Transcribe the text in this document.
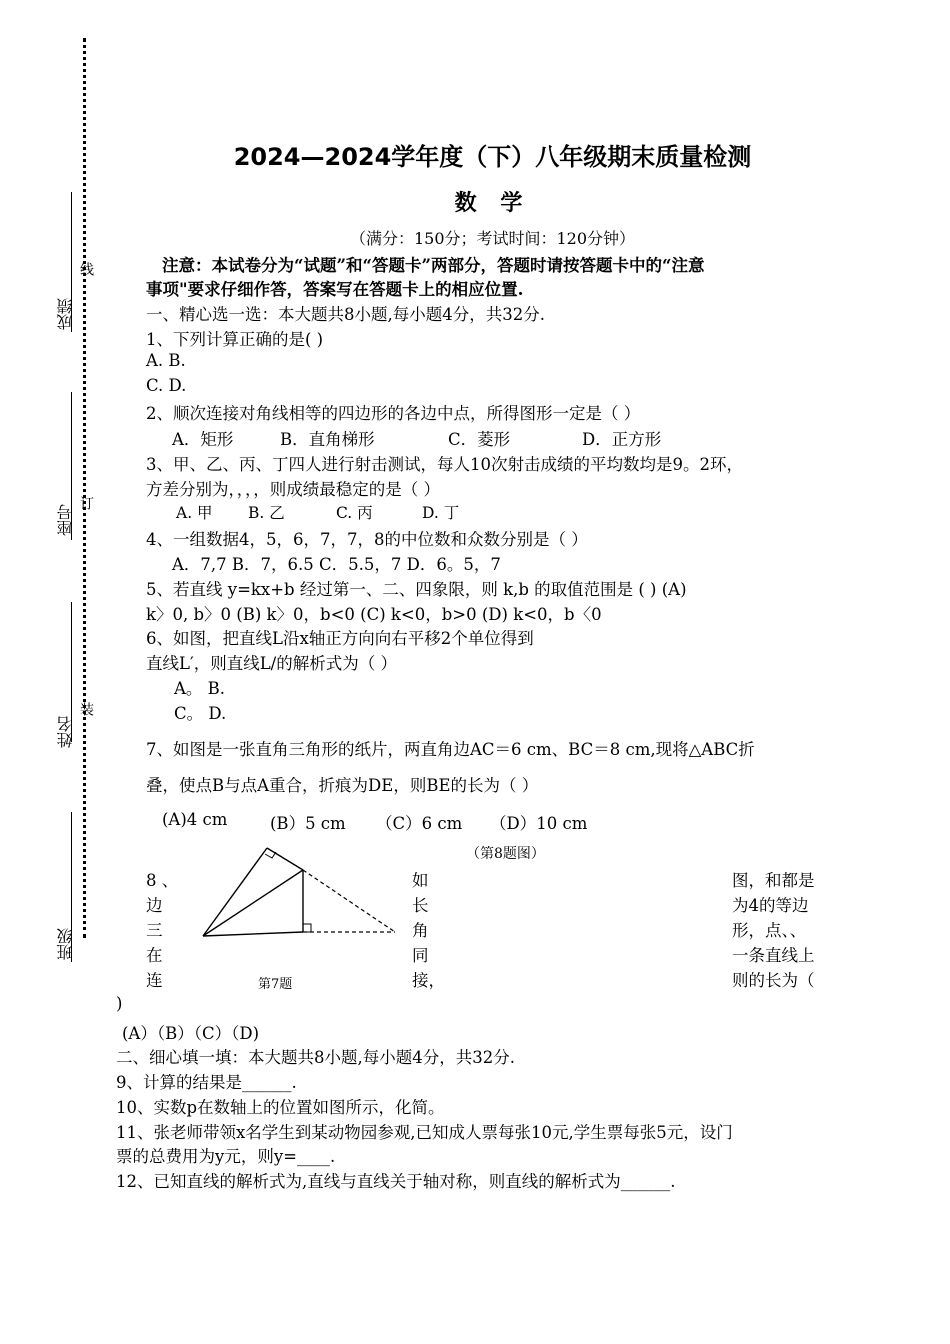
成绩
座号
姓名
班级
线
订
装
2024—2024学年度（下）八年级期末质量检测
数 学
（满分：150分；考试时间：120分钟）
注意：本试卷分为“试题”和“答题卡”两部分，答题时请按答题卡中的“注意
事项"要求仔细作答，答案写在答题卡上的相应位置.
一、精心选一选：本大题共8小题,每小题4分，共32分.
1、下列计算正确的是( )
A. B.
C. D.
2、顺次连接对角线相等的四边形的各边中点，所得图形一定是（ ）
A．矩形	B．直角梯形	C．菱形	D．正方形
3、甲、乙、丙、丁四人进行射击测试，每人10次射击成绩的平均数均是9。2环，
方差分别为，，，，则成绩最稳定的是（ ）
A. 甲 B. 乙	C. 丙	D. 丁
4、一组数据4，5，6，7，7，8的中位数和众数分别是（ ）
A．7,7 B．7，6.5 C．5.5，7 D．6。5，7
5、若直线 y=kx+b 经过第一、二、四象限，则 k,b 的取值范围是 ( ) (A)
k〉0, b〉0 (B) k〉0，b<0 (C) k<0，b>0 (D) k<0，b〈0
6、如图，把直线L沿x轴正方向向右平移2个单位得到
直线L′，则直线L/的解析式为（ ）
A。 B.
C。 D.
7、如图是一张直角三角形的纸片，两直角边AC＝6 cm、BC＝8 cm,现将△ABC折
叠，使点B与点A重合，折痕为DE，则BE的长为（ ）
(A)4 cm	(B）5 cm （C）6 cm （D）10 cm
（第8题图）
8 、
边
三
在
连	第7题
如
长
角
同
接，
图，和都是
为4的等边
形，点、、
一条直线上
则的长为（
)
(A）（B）（C）（D)
二、细心填一填：本大题共8小题,每小题4分，共32分.
9、计算的结果是______.
10、实数p在数轴上的位置如图所示，化简。
11、张老师带领x名学生到某动物园参观,已知成人票每张10元,学生票每张5元，设门
票的总费用为y元，则y=____.
12、已知直线的解析式为,直线与直线关于轴对称，则直线的解析式为______.
